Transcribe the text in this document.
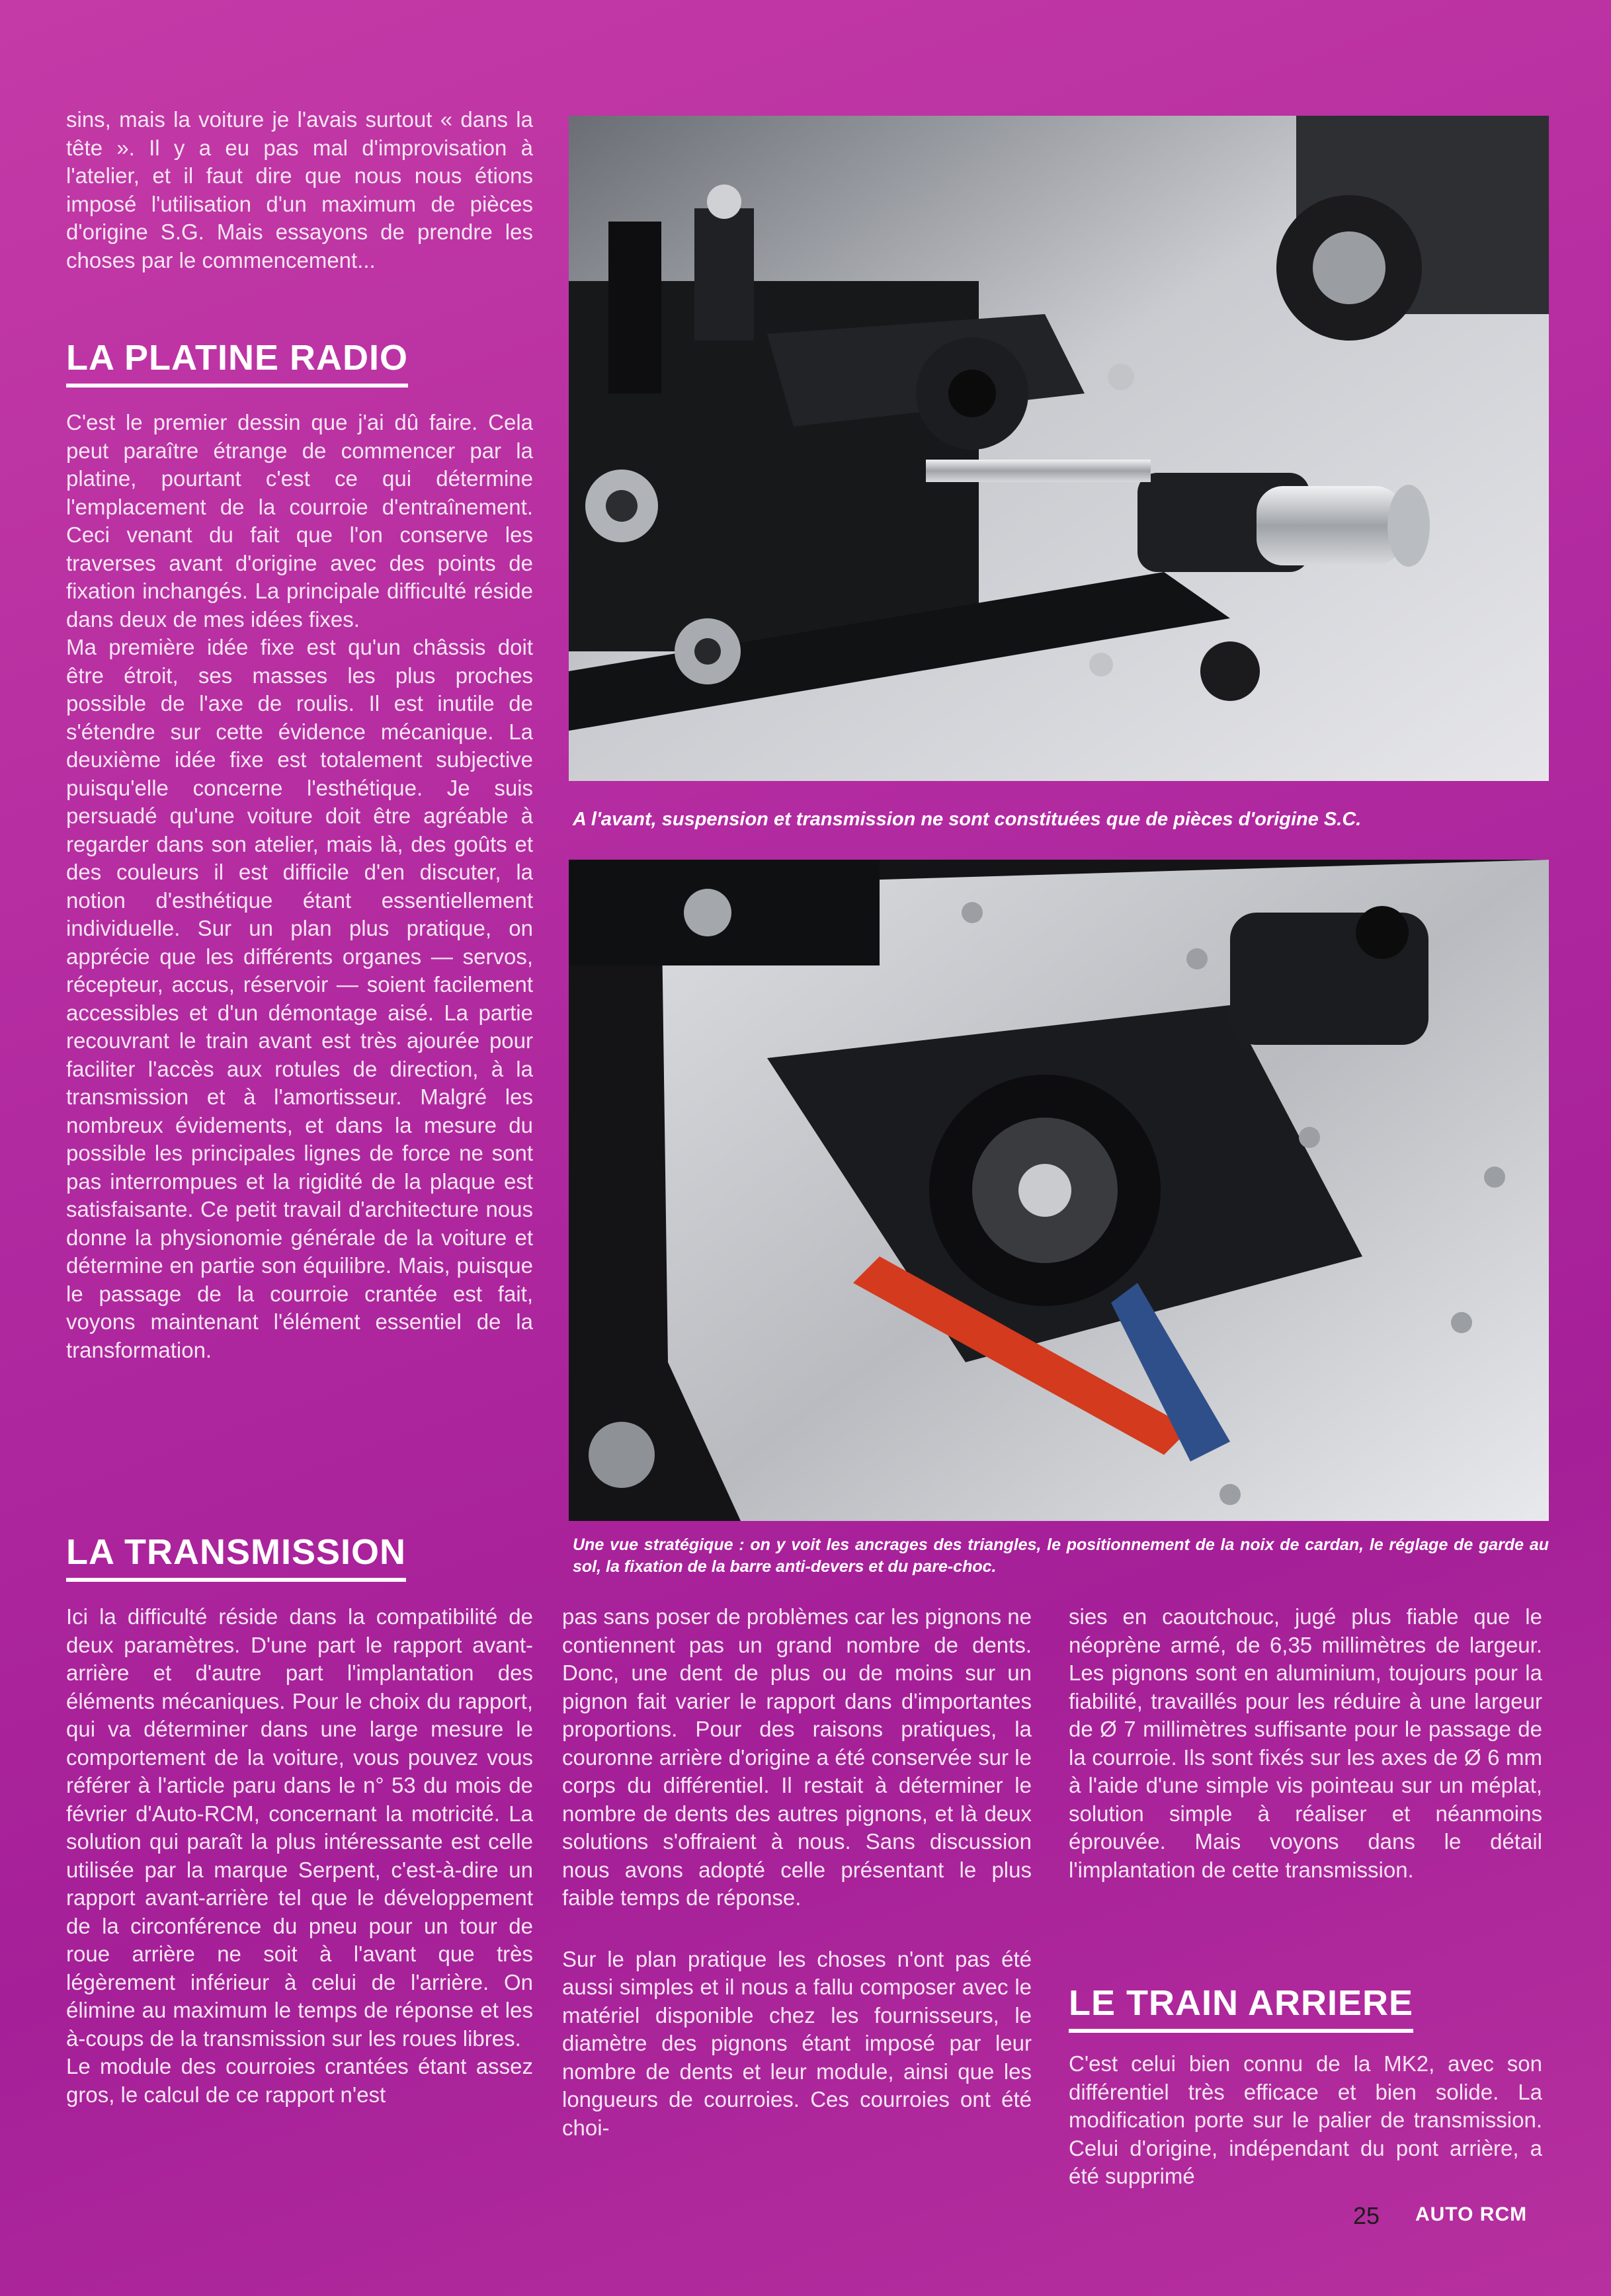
sins, mais la voiture je l'avais surtout « dans la tête ». Il y a eu pas mal d'improvisation à l'atelier, et il faut dire que nous nous étions imposé l'utilisation d'un maximum de pièces d'origine S.G. Mais essayons de prendre les choses par le commencement...

LA PLATINE RADIO

C'est le premier dessin que j'ai dû faire. Cela peut paraître étrange de commencer par la platine, pourtant c'est ce qui détermine l'emplacement de la courroie d'entraînement. Ceci venant du fait que l'on conserve les traverses avant d'origine avec des points de fixation inchangés. La principale difficulté réside dans deux de mes idées fixes.

Ma première idée fixe est qu'un châssis doit être étroit, ses masses les plus proches possible de l'axe de roulis. Il est inutile de s'étendre sur cette évidence mécanique. La deuxième idée fixe est totalement subjective puisqu'elle concerne l'esthétique. Je suis persuadé qu'une voiture doit être agréable à regarder dans son atelier, mais là, des goûts et des couleurs il est difficile d'en discuter, la notion d'esthétique étant essentiellement individuelle. Sur un plan plus pratique, on apprécie que les différents organes — servos, récepteur, accus, réservoir — soient facilement accessibles et d'un démontage aisé. La partie recouvrant le train avant est très ajourée pour faciliter l'accès aux rotules de direction, à la transmission et à l'amortisseur. Malgré les nombreux évidements, et dans la mesure du possible les principales lignes de force ne sont pas interrompues et la rigidité de la plaque est satisfaisante. Ce petit travail d'architecture nous donne la physionomie générale de la voiture et détermine en partie son équilibre. Mais, puisque le passage de la courroie crantée est fait, voyons maintenant l'élément essentiel de la transformation.

LA TRANSMISSION

Ici la difficulté réside dans la compatibilité de deux paramètres. D'une part le rapport avant-arrière et d'autre part l'implantation des éléments mécaniques. Pour le choix du rapport, qui va déterminer dans une large mesure le comportement de la voiture, vous pouvez vous référer à l'article paru dans le n° 53 du mois de février d'Auto-RCM, concernant la motricité. La solution qui paraît la plus intéressante est celle utilisée par la marque Serpent, c'est-à-dire un rapport avant-arrière tel que le développement de la circonférence du pneu pour un tour de roue arrière ne soit à l'avant que très légèrement inférieur à celui de l'arrière. On élimine au maximum le temps de réponse et les à-coups de la transmission sur les roues libres.

Le module des courroies crantées étant assez gros, le calcul de ce rapport n'est

A l'avant, suspension et transmission ne sont constituées que de pièces d'origine S.C.
Une vue stratégique : on y voit les ancrages des triangles, le positionnement de la noix de cardan, le réglage de garde au sol, la fixation de la barre anti-devers et du pare-choc.

pas sans poser de problèmes car les pignons ne contiennent pas un grand nombre de dents. Donc, une dent de plus ou de moins sur un pignon fait varier le rapport dans d'importantes proportions. Pour des raisons pratiques, la couronne arrière d'origine a été conservée sur le corps du différentiel. Il restait à déterminer le nombre de dents des autres pignons, et là deux solutions s'offraient à nous. Sans discussion nous avons adopté celle présentant le plus faible temps de réponse.

Sur le plan pratique les choses n'ont pas été aussi simples et il nous a fallu composer avec le matériel disponible chez les fournisseurs, le diamètre des pignons étant imposé par leur nombre de dents et leur module, ainsi que les longueurs de courroies. Ces courroies ont été choi-

sies en caoutchouc, jugé plus fiable que le néoprène armé, de 6,35 millimètres de largeur. Les pignons sont en aluminium, toujours pour la fiabilité, travaillés pour les réduire à une largeur de Ø 7 millimètres suffisante pour le passage de la courroie. Ils sont fixés sur les axes de Ø 6 mm à l'aide d'une simple vis pointeau sur un méplat, solution simple à réaliser et néanmoins éprouvée. Mais voyons dans le détail l'implantation de cette transmission.

LE TRAIN ARRIERE

C'est celui bien connu de la MK2, avec son différentiel très efficace et bien solide. La modification porte sur le palier de transmission. Celui d'origine, indépendant du pont arrière, a été supprimé

25 AUTO RCM
